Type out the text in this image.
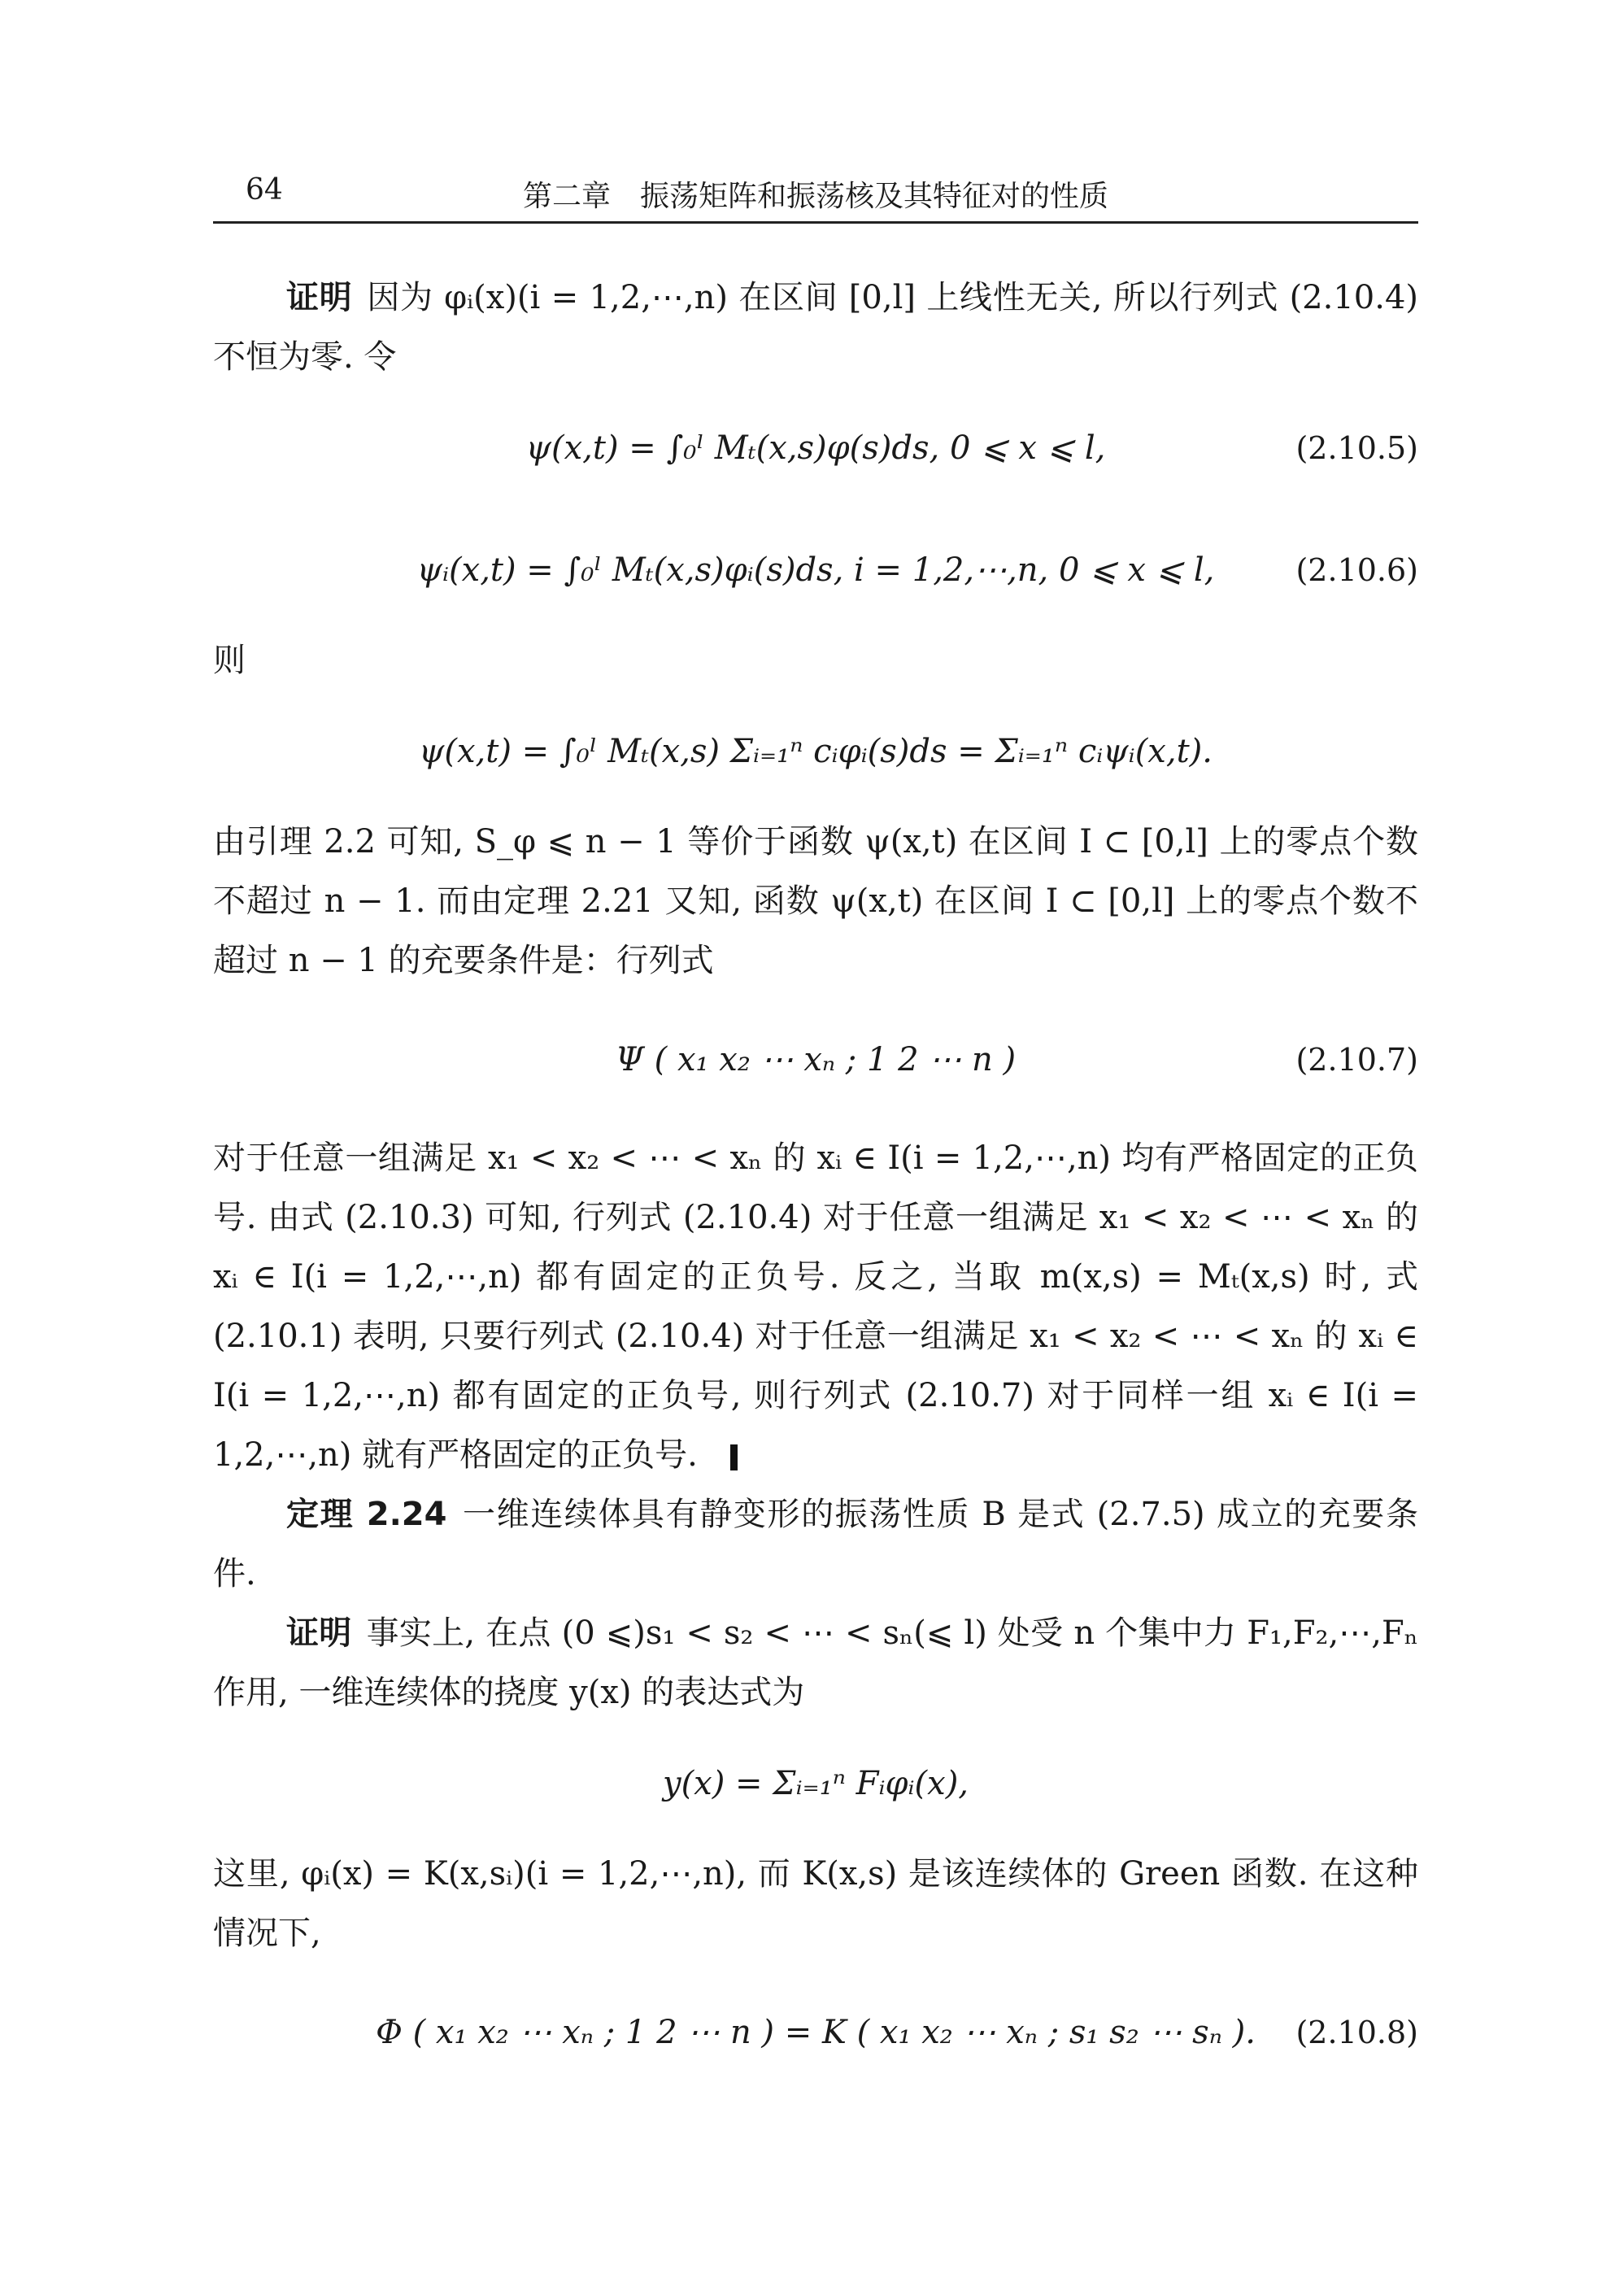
64	第二章　振荡矩阵和振荡核及其特征对的性质

证明 因为 φᵢ(x)(i = 1,2,⋯,n) 在区间 [0,l] 上线性无关, 所以行列式 (2.10.4) 不恒为零. 令

ψ(x,t) = ∫₀ˡ Mₜ(x,s)φ(s)ds, 0 ⩽ x ⩽ l,	(2.10.5)
ψᵢ(x,t) = ∫₀ˡ Mₜ(x,s)φᵢ(s)ds, i = 1,2,⋯,n, 0 ⩽ x ⩽ l,	(2.10.6)

则

ψ(x,t) = ∫₀ˡ Mₜ(x,s) Σᵢ₌₁ⁿ cᵢφᵢ(s)ds = Σᵢ₌₁ⁿ cᵢψᵢ(x,t).

由引理 2.2 可知, S_φ ⩽ n − 1 等价于函数 ψ(x,t) 在区间 I ⊂ [0,l] 上的零点个数不超过 n − 1. 而由定理 2.21 又知, 函数 ψ(x,t) 在区间 I ⊂ [0,l] 上的零点个数不超过 n − 1 的充要条件是：行列式

Ψ ( x₁ x₂ ⋯ xₙ ; 1 2 ⋯ n )	(2.10.7)

对于任意一组满足 x₁ < x₂ < ⋯ < xₙ 的 xᵢ ∈ I(i = 1,2,⋯,n) 均有严格固定的正负号. 由式 (2.10.3) 可知, 行列式 (2.10.4) 对于任意一组满足 x₁ < x₂ < ⋯ < xₙ 的 xᵢ ∈ I(i = 1,2,⋯,n) 都有固定的正负号. 反之, 当取 m(x,s) = Mₜ(x,s) 时, 式 (2.10.1) 表明, 只要行列式 (2.10.4) 对于任意一组满足 x₁ < x₂ < ⋯ < xₙ 的 xᵢ ∈ I(i = 1,2,⋯,n) 都有固定的正负号, 则行列式 (2.10.7) 对于同样一组 xᵢ ∈ I(i = 1,2,⋯,n) 就有严格固定的正负号.

定理 2.24 一维连续体具有静变形的振荡性质 B 是式 (2.7.5) 成立的充要条件.

证明 事实上, 在点 (0 ⩽)s₁ < s₂ < ⋯ < sₙ(⩽ l) 处受 n 个集中力 F₁,F₂,⋯,Fₙ 作用, 一维连续体的挠度 y(x) 的表达式为

y(x) = Σᵢ₌₁ⁿ Fᵢφᵢ(x),

这里, φᵢ(x) = K(x,sᵢ)(i = 1,2,⋯,n), 而 K(x,s) 是该连续体的 Green 函数. 在这种情况下,

Φ ( x₁ x₂ ⋯ xₙ ; 1 2 ⋯ n ) = K ( x₁ x₂ ⋯ xₙ ; s₁ s₂ ⋯ sₙ ).	(2.10.8)
